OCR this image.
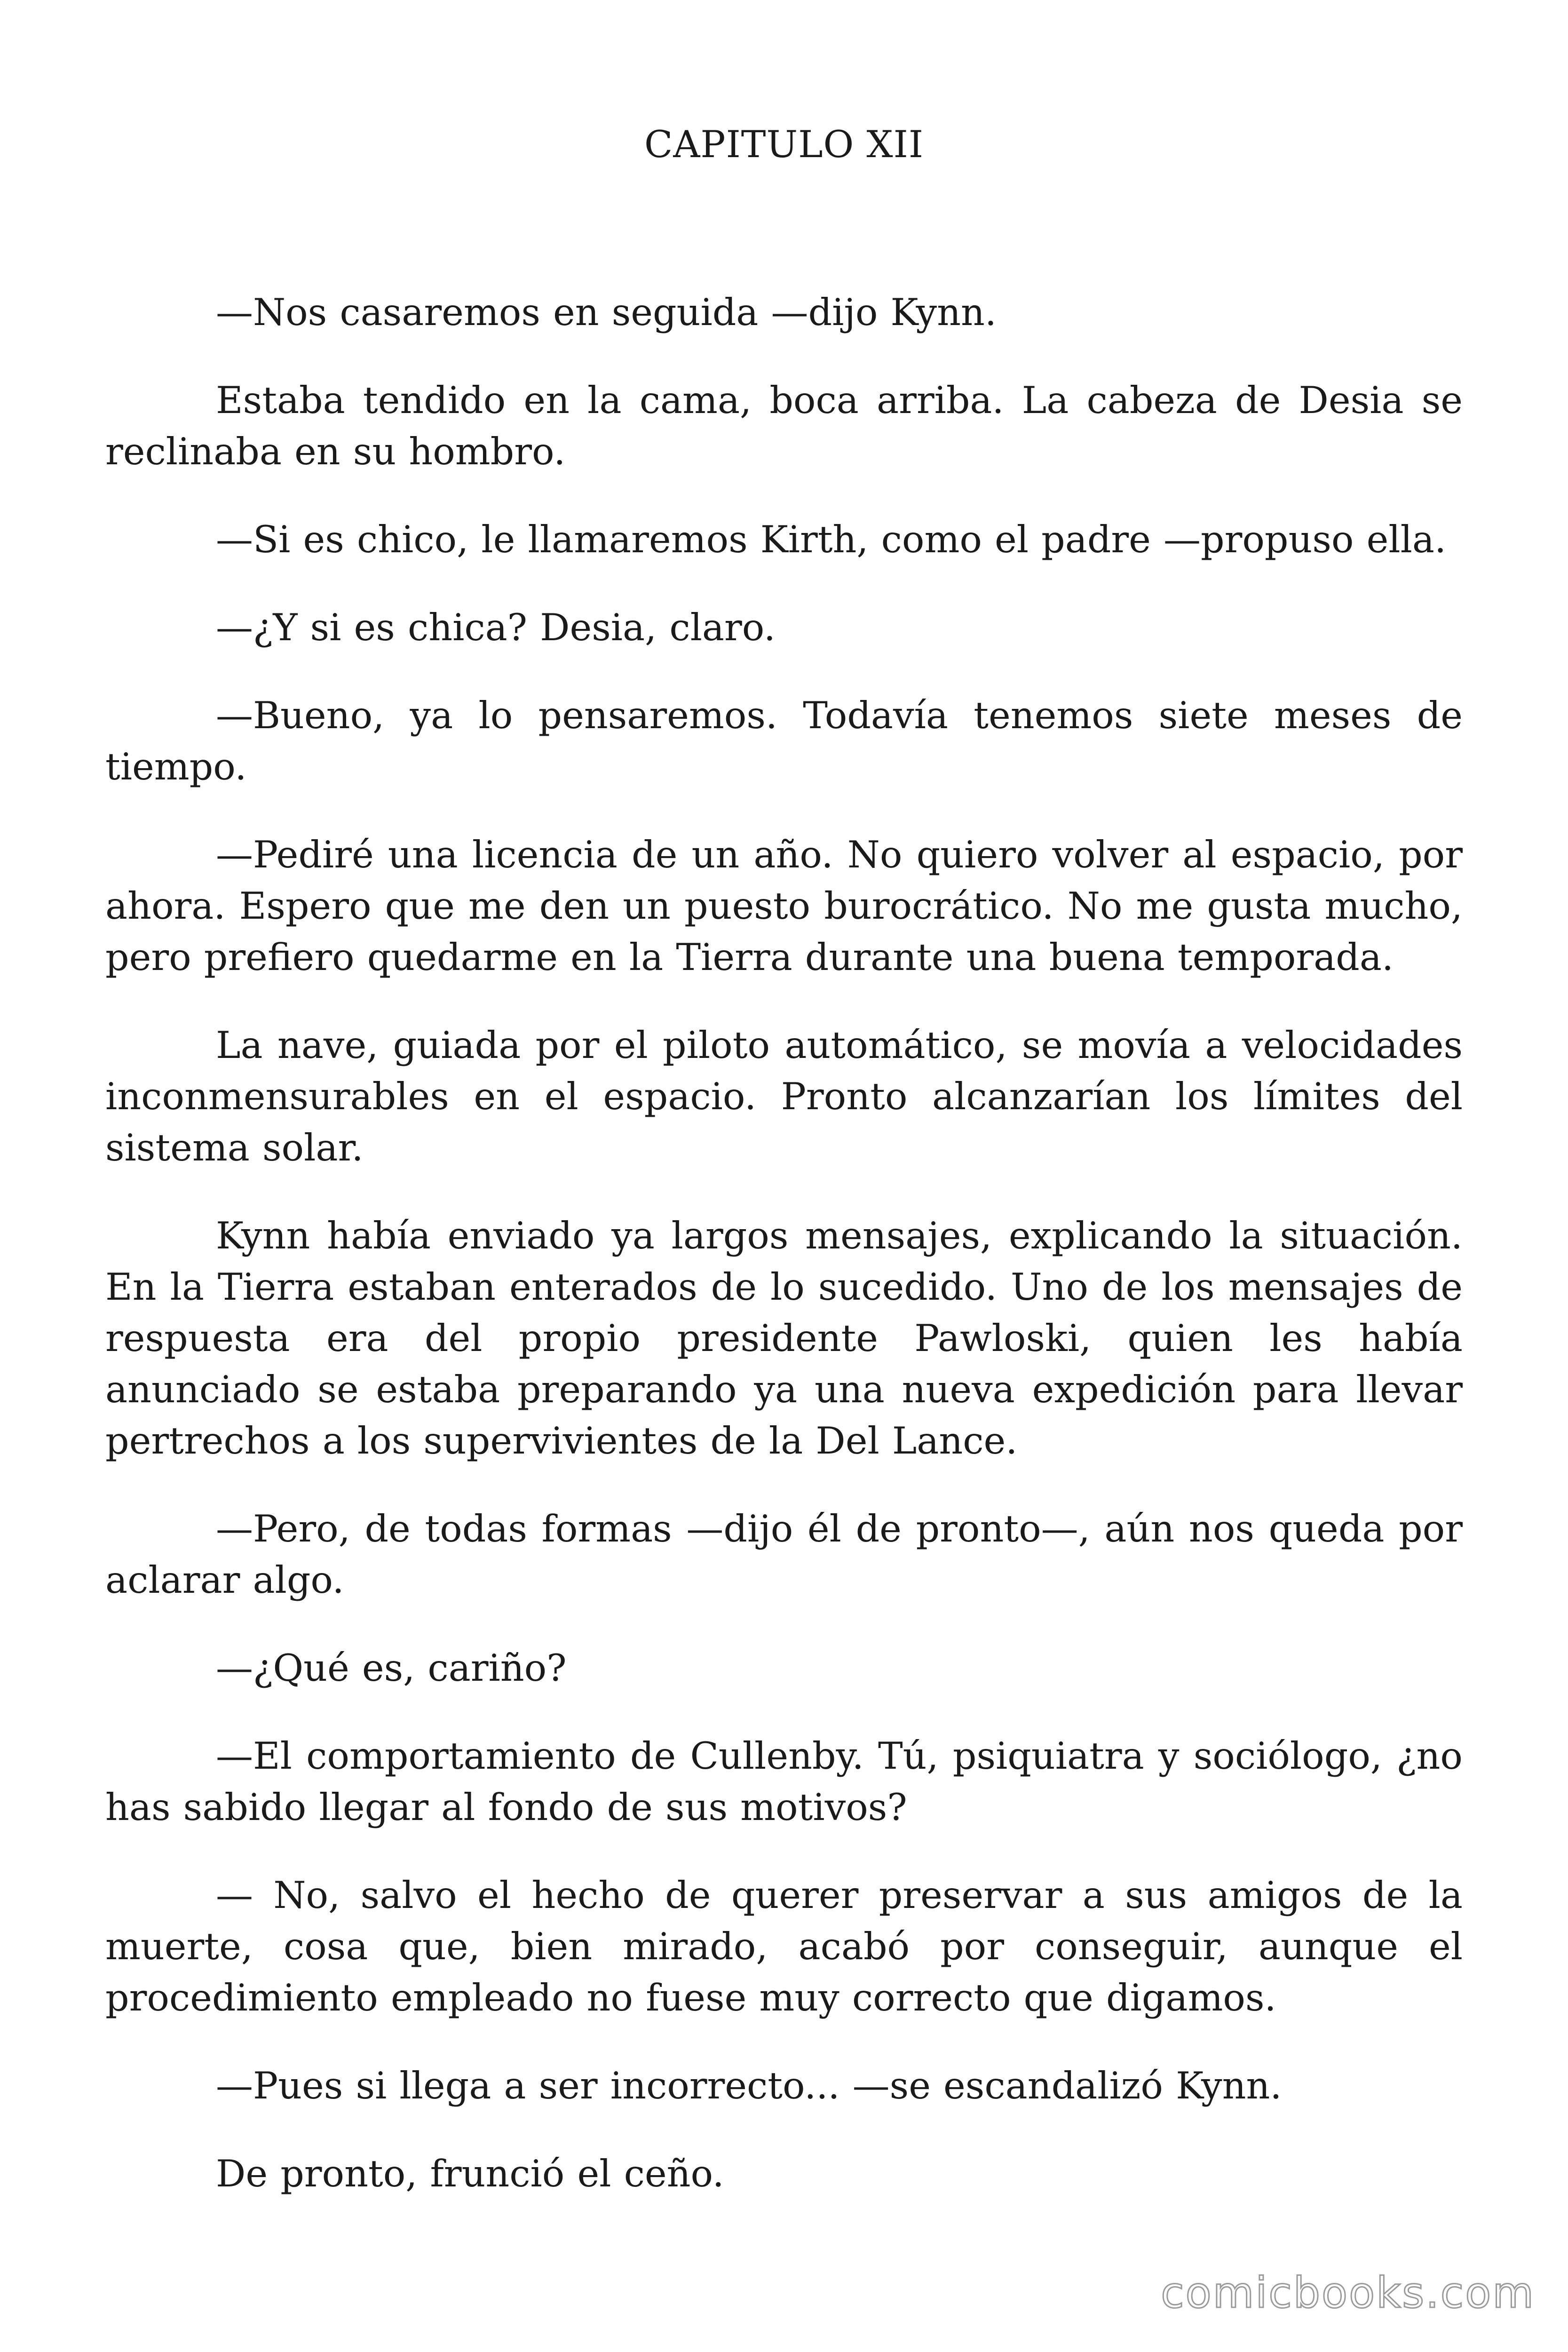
CAPITULO XII

—Nos casaremos en seguida —dijo Kynn.

Estaba tendido en la cama, boca arriba. La cabeza de Desia se reclinaba en su hombro.

—Si es chico, le llamaremos Kirth, como el padre —propuso ella.

—¿Y si es chica? Desia, claro.

—Bueno, ya lo pensaremos. Todavía tenemos siete meses de tiempo.

—Pediré una licencia de un año. No quiero volver al espacio, por ahora. Espero que me den un puesto burocrático. No me gusta mucho, pero prefiero quedarme en la Tierra durante una buena temporada.

La nave, guiada por el piloto automático, se movía a velocidades inconmensurables en el espacio. Pronto alcanzarían los límites del sistema solar.

Kynn había enviado ya largos mensajes, explicando la situación. En la Tierra estaban enterados de lo sucedido. Uno de los mensajes de respuesta era del propio presidente Pawloski, quien les había anunciado se estaba preparando ya una nueva expedición para llevar pertrechos a los supervivientes de la Del Lance.

—Pero, de todas formas —dijo él de pronto—, aún nos queda por aclarar algo.

—¿Qué es, cariño?

—El comportamiento de Cullenby. Tú, psiquiatra y sociólogo, ¿no has sabido llegar al fondo de sus motivos?

— No, salvo el hecho de querer preservar a sus amigos de la muerte, cosa que, bien mirado, acabó por conseguir, aunque el procedimiento empleado no fuese muy correcto que digamos.

—Pues si llega a ser incorrecto... —se escandalizó Kynn.

De pronto, frunció el ceño.

comicbooks.com
